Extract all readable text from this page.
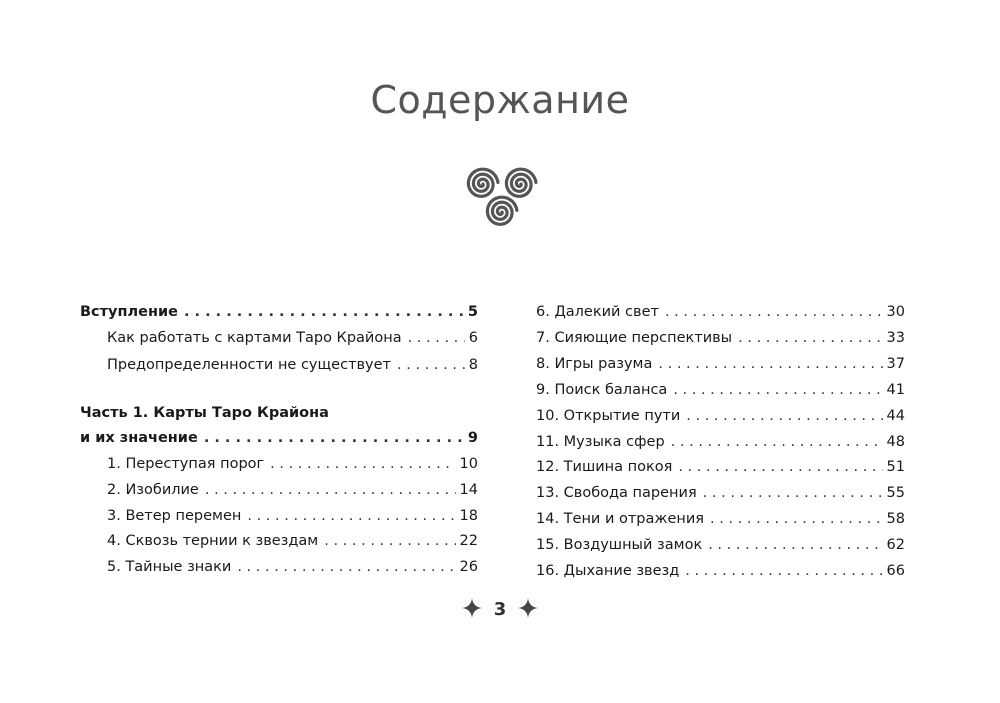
Содержание
Вступление . . .	5
Как работать с картами Таро Крайона . . .	6
Предопределенности не существует . . .	8
Часть 1. Карты Таро Крайона
и их значение . . .	9
1. Переступая порог . . .	10
2. Изобилие . . .	14
3. Ветер перемен . . .	18
4. Сквозь тернии к звездам . . .	22
5. Тайные знаки . . .	26
6. Далекий свет . . .	30
7. Сияющие перспективы . . .	33
8. Игры разума . . .	37
9. Поиск баланса . . .	41
10. Открытие пути . . .	44
11. Музыка сфер . . .	48
12. Тишина покоя . . .	51
13. Свобода парения . . .	55
14. Тени и отражения . . .	58
15. Воздушный замок . . .	62
16. Дыхание звезд . . .	66
3
